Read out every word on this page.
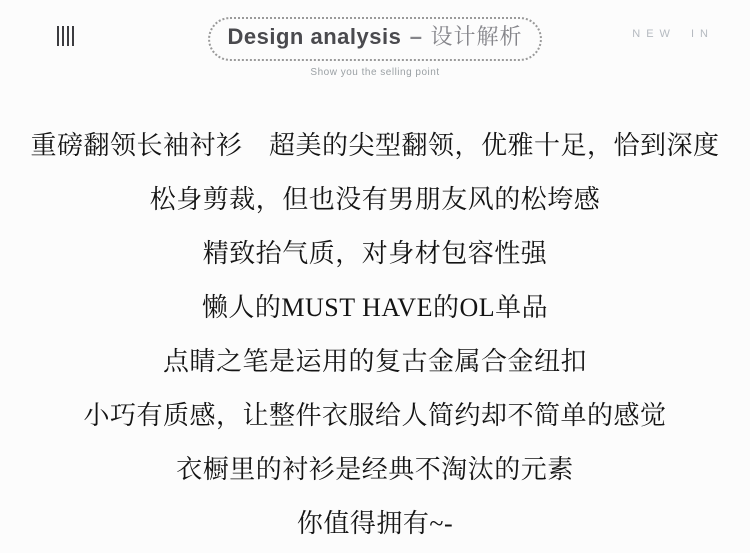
Design analysis – 设计解析
Show you the selling point
NEW IN

重磅翻领长袖衬衫　超美的尖型翻领，优雅十足，恰到深度

松身剪裁，但也没有男朋友风的松垮感

精致抬气质，对身材包容性强

懒人的MUST HAVE的OL单品

点睛之笔是运用的复古金属合金纽扣

小巧有质感，让整件衣服给人简约却不简单的感觉

衣橱里的衬衫是经典不淘汰的元素

你值得拥有~-
